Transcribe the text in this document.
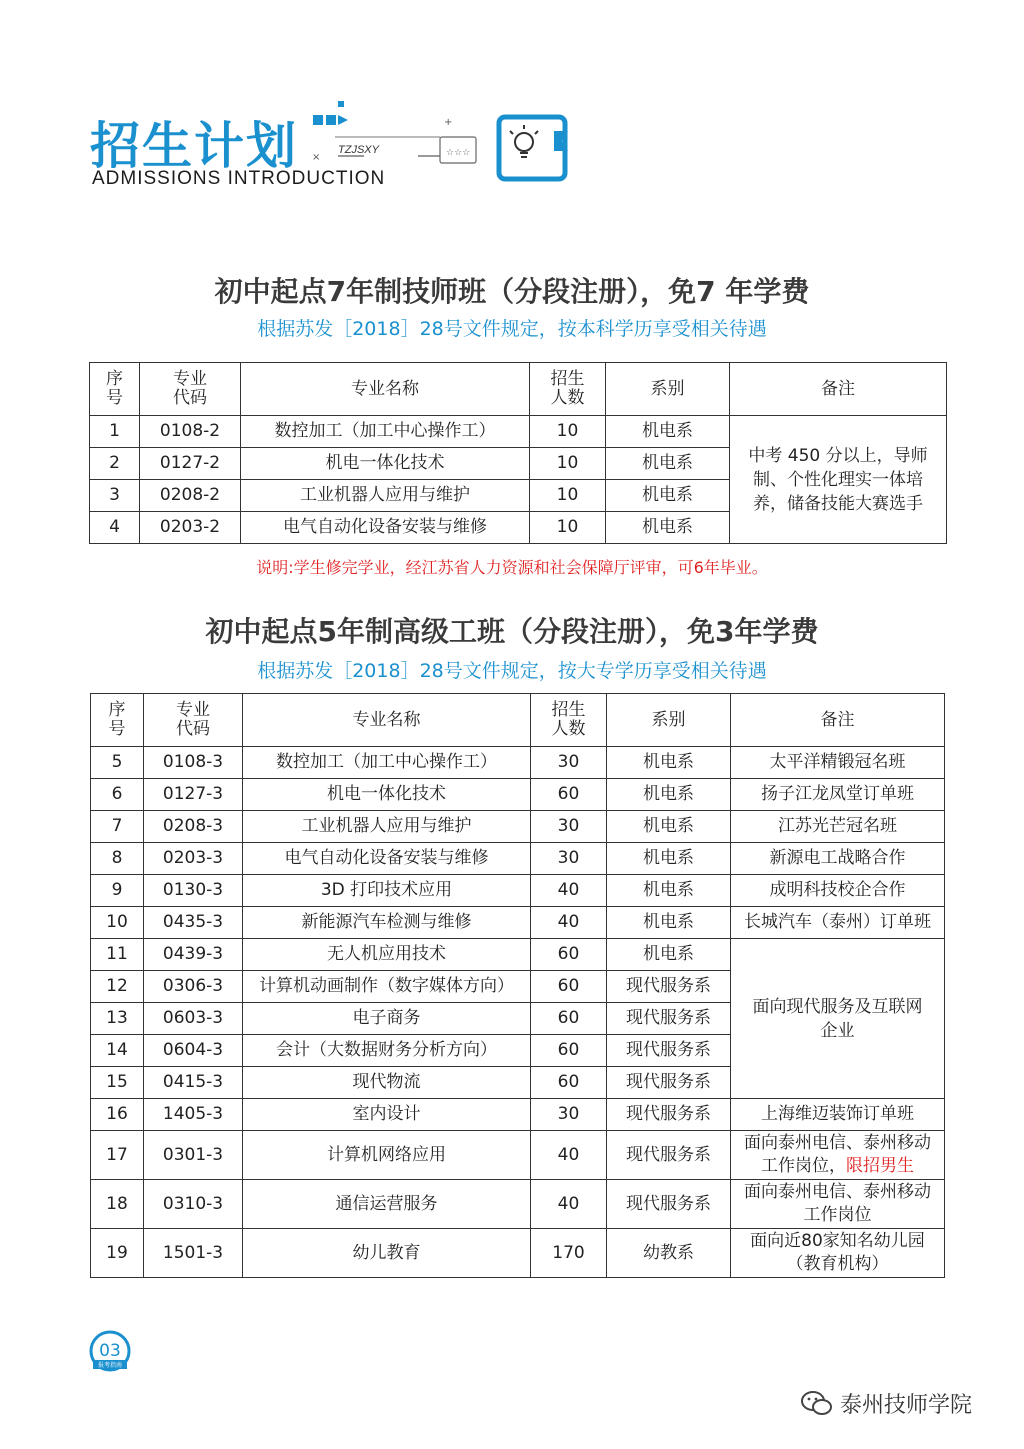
招生计划
ADMISSIONS INTRODUCTION
TZJSXY
×
+
☆☆☆
初中起点7年制技师班（分段注册），免7 年学费
根据苏发［2018］28号文件规定，按本科学历享受相关待遇
序号	专业代码	专业名称	招生人数	系别	备注
1	0108-2	数控加工（加工中心操作工）	10	机电系	中考 450 分以上，导师制、个性化理实一体培养，储备技能大赛选手
2	0127-2	机电一体化技术	10	机电系	
3	0208-2	工业机器人应用与维护	10	机电系	
4	0203-2	电气自动化设备安装与维修	10	机电系	
说明:学生修完学业，经江苏省人力资源和社会保障厅评审，可6年毕业。
初中起点5年制高级工班（分段注册），免3年学费
根据苏发［2018］28号文件规定，按大专学历享受相关待遇
序号	专业代码	专业名称	招生人数	系别	备注
5	0108-3	数控加工（加工中心操作工）	30	机电系	太平洋精锻冠名班
6	0127-3	机电一体化技术	60	机电系	扬子江龙凤堂订单班
7	0208-3	工业机器人应用与维护	30	机电系	江苏光芒冠名班
8	0203-3	电气自动化设备安装与维修	30	机电系	新源电工战略合作
9	0130-3	3D 打印技术应用	40	机电系	成明科技校企合作
10	0435-3	新能源汽车检测与维修	40	机电系	长城汽车（泰州）订单班
11	0439-3	无人机应用技术	60	机电系	面向现代服务及互联网
企业

12	0306-3	计算机动画制作（数字媒体方向）	60	现代服务系	
13	0603-3	电子商务	60	现代服务系	
14	0604-3	会计（大数据财务分析方向）	60	现代服务系	
15	0415-3	现代物流	60	现代服务系	
16	1405-3	室内设计	30	现代服务系	上海维迈装饰订单班
17	0301-3	计算机网络应用	40	现代服务系	面向泰州电信、泰州移动
工作岗位，限招男生

18	0310-3	通信运营服务	40	现代服务系	面向泰州电信、泰州移动
工作岗位

19	1501-3	幼儿教育	170	幼教系	面向近80家知名幼儿园
（教育机构）
03
报考指南
泰州技师学院
